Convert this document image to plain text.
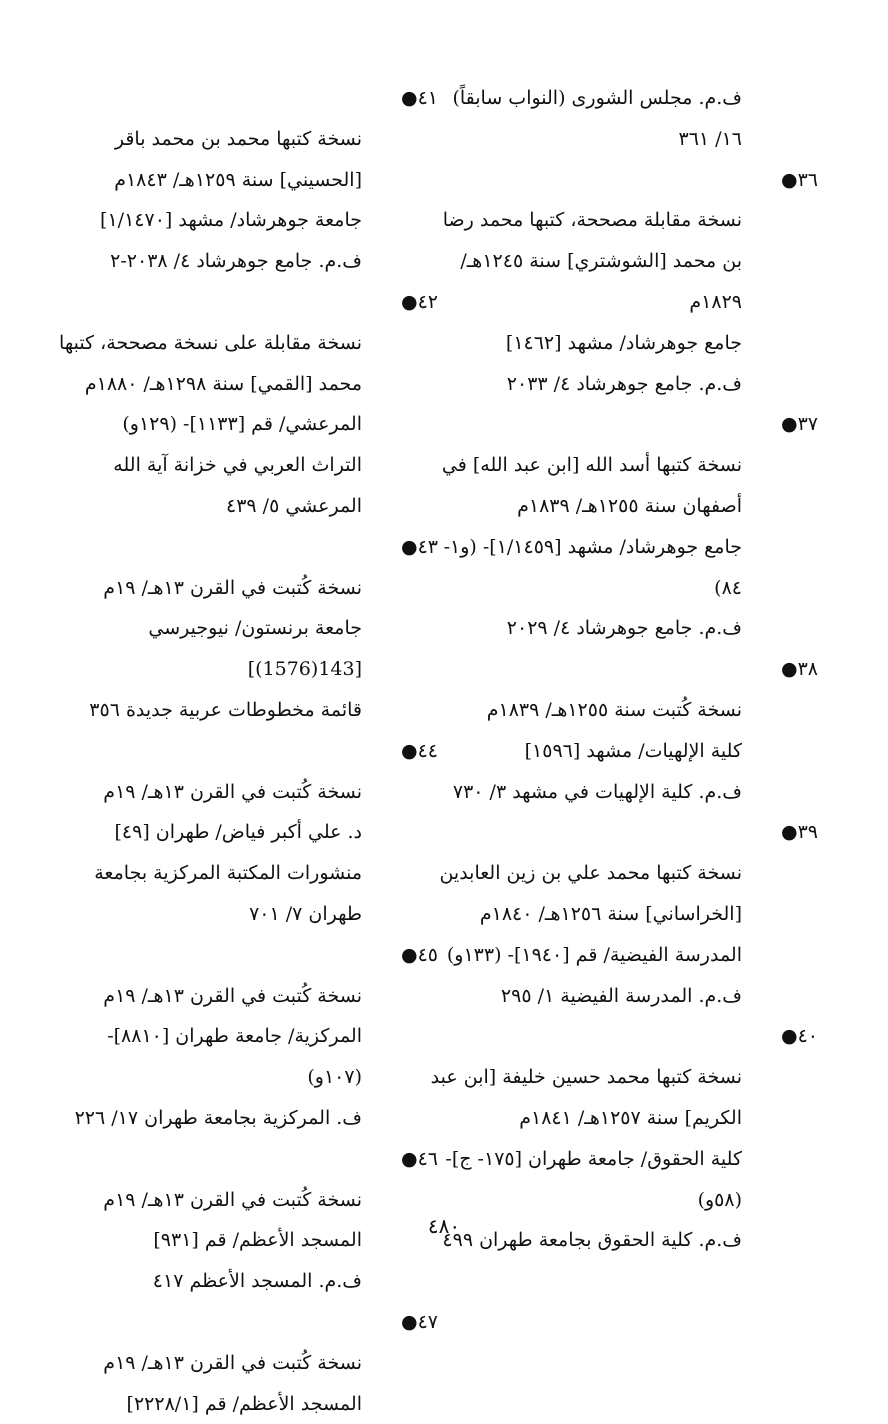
ف.م. مجلس الشورى (النواب سابقاً) ١٦/ ٣٦١
٣٦●
نسخة مقابلة مصححة، كتبها محمد رضا بن محمد [الشوشتري] سنة ١٢٤٥هـ/ ١٨٢٩م
جامع جوهرشاد/ مشهد [١٤٦٢]
ف.م. جامع جوهرشاد ٤/ ٢٠٣٣
٣٧●
نسخة كتبها أسد الله [ابن عبد الله] في أصفهان سنة ١٢٥٥هـ/ ١٨٣٩م
جامع جوهرشاد/ مشهد [١/١٤٥٩]- (و١- ٨٤)
ف.م. جامع جوهرشاد ٤/ ٢٠٢٩
٣٨●
نسخة كُتبت سنة ١٢٥٥هـ/ ١٨٣٩م
كلية الإلهيات/ مشهد [١٥٩٦]
ف.م. كلية الإلهيات في مشهد ٣/ ٧٣٠
٣٩●
نسخة كتبها محمد علي بن زين العابدين [الخراساني] سنة ١٢٥٦هـ/ ١٨٤٠م
المدرسة الفيضية/ قم [١٩٤٠]- (١٣٣و)
ف.م. المدرسة الفيضية ١/ ٢٩٥
٤٠●
نسخة كتبها محمد حسين خليفة [ابن عبد الكريم] سنة ١٢٥٧هـ/ ١٨٤١م
كلية الحقوق/ جامعة طهران [١٧٥- ج]- (٥٨و)
ف.م. كلية الحقوق بجامعة طهران ٤٩٩
٤١●
نسخة كتبها محمد بن محمد باقر [الحسيني] سنة ١٢٥٩هـ/ ١٨٤٣م
جامعة جوهرشاد/ مشهد [١/١٤٧٠]
ف.م. جامع جوهرشاد ٤/ ٢٠٣٨-٢
٤٢●
نسخة مقابلة على نسخة مصححة، كتبها محمد [القمي] سنة ١٢٩٨هـ/ ١٨٨٠م
المرعشي/ قم [١١٣٣]- (١٢٩و)
التراث العربي في خزانة آية الله المرعشي ٥/ ٤٣٩
٤٣●
نسخة كُتبت في القرن ١٣هـ/ ١٩م
جامعة برنستون/ نيوجيرسي [143(1576)]
قائمة مخطوطات عربية جديدة ٣٥٦
٤٤●
نسخة كُتبت في القرن ١٣هـ/ ١٩م
د. علي أكبر فياض/ طهران [٤٩]
منشورات المكتبة المركزية بجامعة طهران ٧/ ٧٠١
٤٥●
نسخة كُتبت في القرن ١٣هـ/ ١٩م
المركزية/ جامعة طهران [٨٨١٠]- (١٠٧و)
ف. المركزية بجامعة طهران ١٧/ ٢٢٦
٤٦●
نسخة كُتبت في القرن ١٣هـ/ ١٩م
المسجد الأعظم/ قم [٩٣١]
ف.م. المسجد الأعظم ٤١٧
٤٧●
نسخة كُتبت في القرن ١٣هـ/ ١٩م
المسجد الأعظم/ قم [٢٢٢٨/١]
٤٨٠
